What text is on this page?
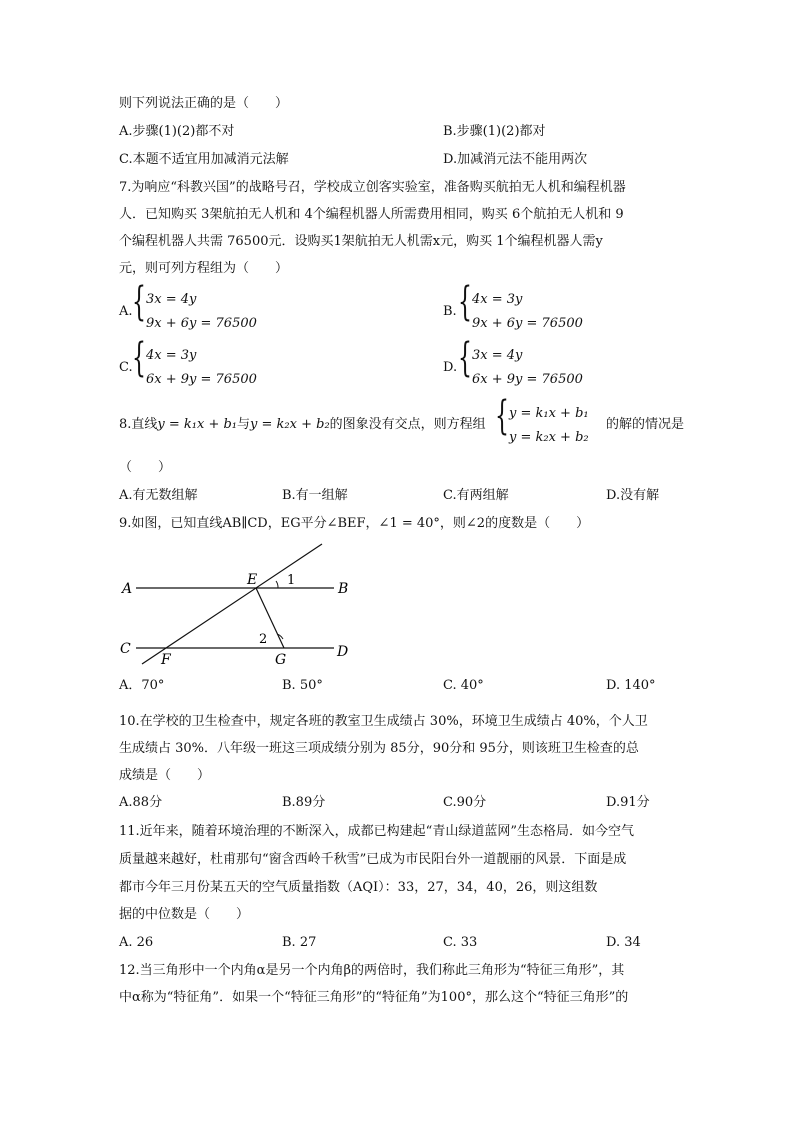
则下列说法正确的是（　　）
A.步骤(1)(2)都不对	B.步骤(1)(2)都对
C.本题不适宜用加减消元法解	D.加减消元法不能用两次
7.为响应“科教兴国”的战略号召，学校成立创客实验室，准备购买航拍无人机和编程机器
人．已知购买 3架航拍无人机和 4个编程机器人所需费用相同，购买 6个航拍无人机和 9
个编程机器人共需 76500元．设购买1架航拍无人机需x元，购买 1个编程机器人需y
元，则可列方程组为（　　）
A. { 3x = 4y
9x + 6y = 76500
B. { 4x = 3y
9x + 6y = 76500
C. { 4x = 3y
6x + 9y = 76500
D. { 3x = 4y
6x + 9y = 76500
8.直线y = k₁x + b₁与y = k₂x + b₂的图象没有交点，则方程组 { y = k₁x + b₁
y = k₂x + b₂
的解的情况是
（　　）
A.有无数组解	B.有一组解	C.有两组解	D.没有解
9.如图，已知直线AB∥CD，EG平分∠BEF，∠1 = 40°，则∠2的度数是（　　）
A	B
C	D
E
F	G
1
2
A．70°	B. 50°	C. 40°	D. 140°
10.在学校的卫生检查中，规定各班的教室卫生成绩占 30%，环境卫生成绩占 40%，个人卫
生成绩占 30%．八年级一班这三项成绩分别为 85分，90分和 95分，则该班卫生检查的总
成绩是（　　）
A.88分	B.89分	C.90分	D.91分
11.近年来，随着环境治理的不断深入，成都已构建起“青山绿道蓝网”生态格局．如今空气
质量越来越好，杜甫那句“窗含西岭千秋雪”已成为市民阳台外一道靓丽的风景．下面是成
都市今年三月份某五天的空气质量指数（AQI）：33，27，34，40，26，则这组数
据的中位数是（　　）
A. 26	B. 27	C. 33	D. 34
12.当三角形中一个内角α是另一个内角β的两倍时，我们称此三角形为“特征三角形”，其
中α称为“特征角”．如果一个“特征三角形”的“特征角”为100°，那么这个“特征三角形”的
